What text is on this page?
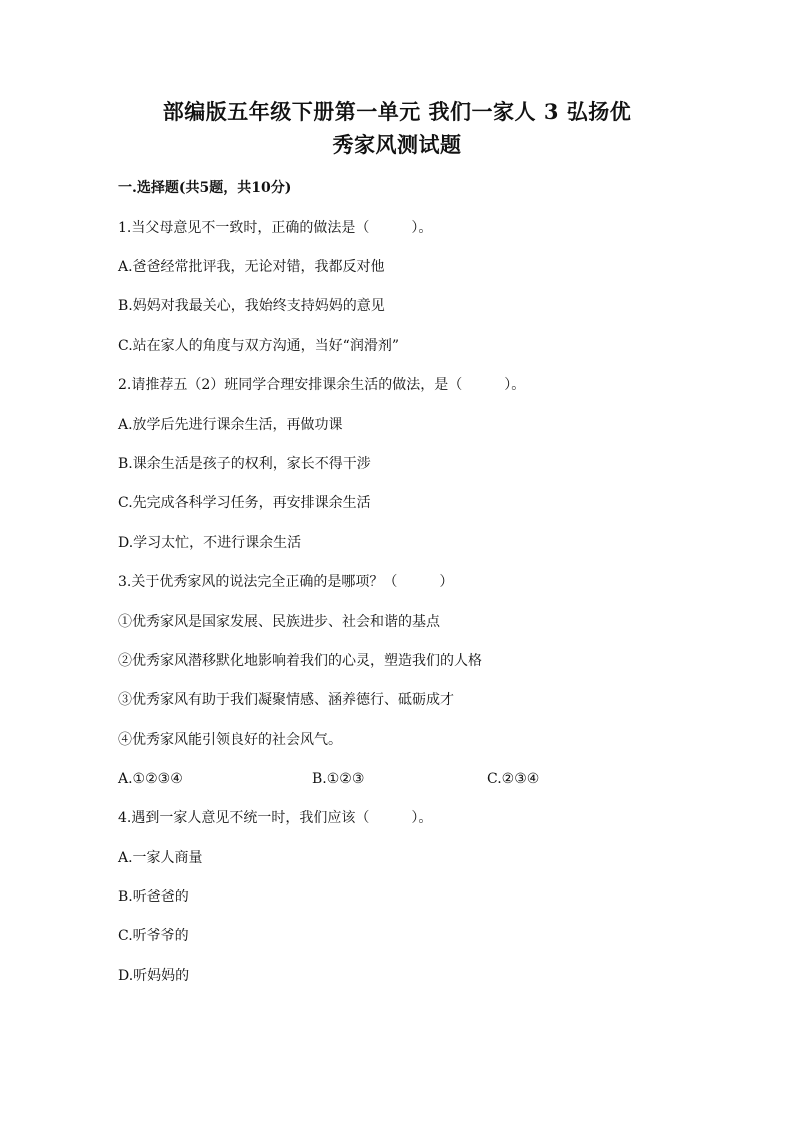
部编版五年级下册第一单元 我们一家人 3 弘扬优
秀家风测试题
一.选择题(共5题，共10分)
1.当父母意见不一致时，正确的做法是（　　　）。
A.爸爸经常批评我，无论对错，我都反对他
B.妈妈对我最关心，我始终支持妈妈的意见
C.站在家人的角度与双方沟通，当好“润滑剂”
2.请推荐五（2）班同学合理安排课余生活的做法，是（　　　）。
A.放学后先进行课余生活，再做功课
B.课余生活是孩子的权利，家长不得干涉
C.先完成各科学习任务，再安排课余生活
D.学习太忙，不进行课余生活
3.关于优秀家风的说法完全正确的是哪项？（　　　）
①优秀家风是国家发展、民族进步、社会和谐的基点
②优秀家风潜移默化地影响着我们的心灵，塑造我们的人格
③优秀家风有助于我们凝聚情感、涵养德行、砥砺成才
④优秀家风能引领良好的社会风气。
A.①②③④	B.①②③	C.②③④
4.遇到一家人意见不统一时，我们应该（　　　）。
A.一家人商量
B.听爸爸的
C.听爷爷的
D.听妈妈的
